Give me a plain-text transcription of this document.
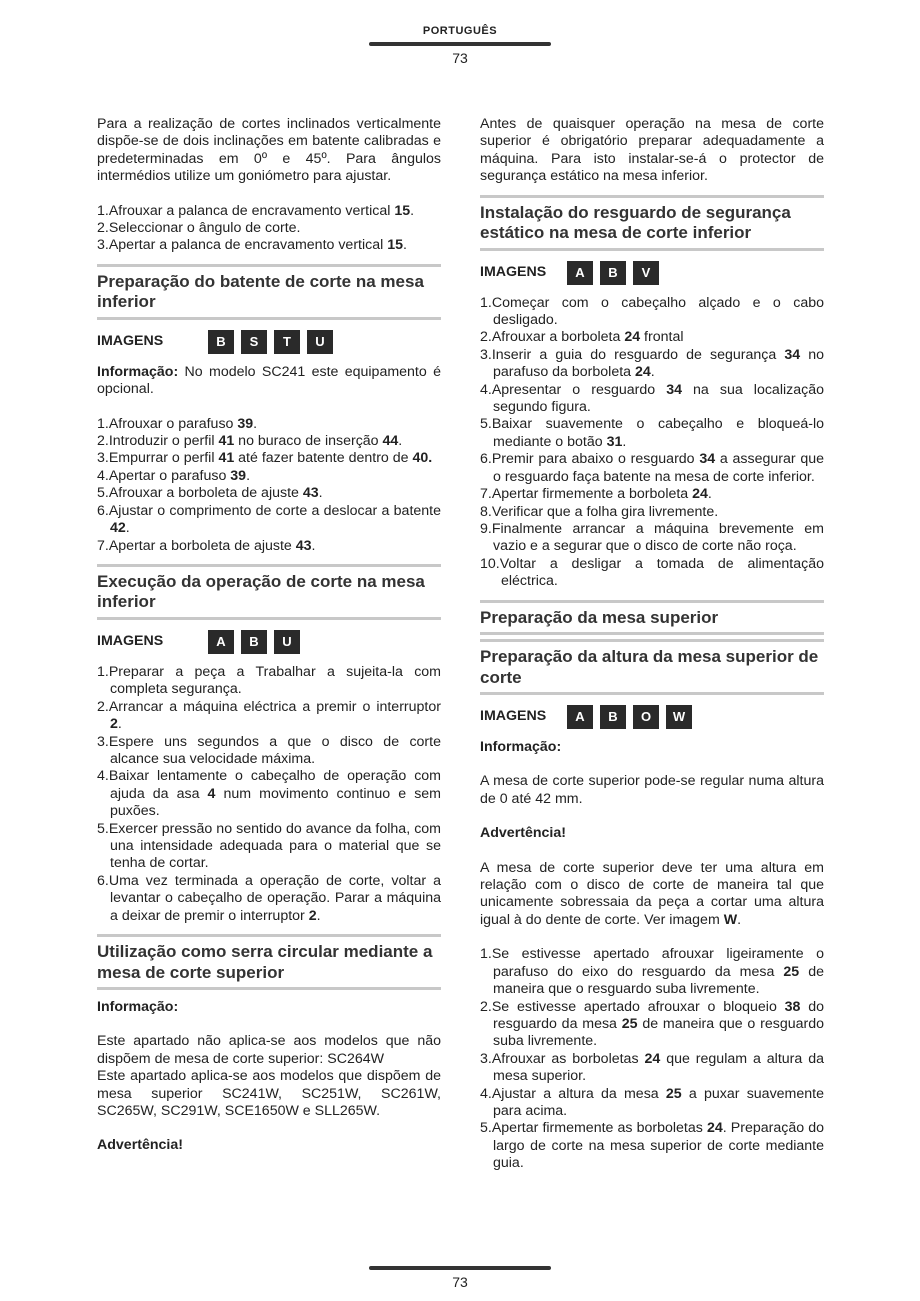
PORTUGUÊS
73

Para a realização de cortes inclinados verticalmente dispõe-se de dois inclinações em batente calibradas e predeterminadas em 0º e 45º. Para ângulos intermédios utilize um goniómetro para ajustar.

1.Afrouxar a palanca de encravamento vertical 15.
2.Seleccionar o ângulo de corte.
3.Apertar a palanca de encravamento vertical 15.
Preparação do batente de corte na mesa inferior
IMAGENS	B S T U

Informação: No modelo SC241 este equipamento é opcional.

1.Afrouxar o parafuso 39.
2.Introduzir o perfil 41 no buraco de inserção 44.
3.Empurrar o perfil 41 até fazer batente dentro de 40.
4.Apertar o parafuso 39.
5.Afrouxar a borboleta de ajuste 43.
6.Ajustar o comprimento de corte a deslocar a batente 42.
7.Apertar a borboleta de ajuste 43.
Execução da operação de corte na mesa inferior
IMAGENS	A B U
1.Preparar a peça a Trabalhar a sujeita-la com completa segurança.
2.Arrancar a máquina eléctrica a premir o interruptor 2.
3.Espere uns segundos a que o disco de corte alcance sua velocidade máxima.
4.Baixar lentamente o cabeçalho de operação com ajuda da asa 4 num movimento continuo e sem puxões.
5.Exercer pressão no sentido do avance da folha, com una intensidade adequada para o material que se tenha de cortar.
6.Uma vez terminada a operação de corte, voltar a levantar o cabeçalho de operação. Parar a máquina a deixar de premir o interruptor 2.
Utilização como serra circular mediante a mesa de corte superior

Informação:

Este apartado não aplica-se aos modelos que não dispõem de mesa de corte superior: SC264W

Este apartado aplica-se aos modelos que dispõem de mesa superior SC241W, SC251W, SC261W, SC265W, SC291W, SCE1650W e SLL265W.

Advertência!

Antes de quaisquer operação na mesa de corte superior é obrigatório preparar adequadamente a máquina. Para isto instalar-se-á o protector de segurança estático na mesa inferior.

Instalação do resguardo de segurança estático na mesa de corte inferior
IMAGENS	A B V
1.Começar com o cabeçalho alçado e o cabo desligado.
2.Afrouxar a borboleta 24 frontal
3.Inserir a guia do resguardo de segurança 34 no parafuso da borboleta 24.
4.Apresentar o resguardo 34 na sua localização segundo figura.
5.Baixar suavemente o cabeçalho e bloqueá-lo mediante o botão 31.
6.Premir para abaixo o resguardo 34 a assegurar que o resguardo faça batente na mesa de corte inferior.
7.Apertar firmemente a borboleta 24.
8.Verificar que a folha gira livremente.
9.Finalmente arrancar a máquina brevemente em vazio e a segurar que o disco de corte não roça.
10.Voltar a desligar a tomada de alimentação eléctrica.
Preparação da mesa superior
Preparação da altura da mesa superior de corte
IMAGENS	A B O W

Informação:

A mesa de corte superior pode-se regular numa altura de 0 até 42 mm.

Advertência!

A mesa de corte superior deve ter uma altura em relação com o disco de corte de maneira tal que unicamente sobressaia da peça a cortar uma altura igual à do dente de corte. Ver imagem W.

1.Se estivesse apertado afrouxar ligeiramente o parafuso do eixo do resguardo da mesa 25 de maneira que o resguardo suba livremente.
2.Se estivesse apertado afrouxar o bloqueio 38 do resguardo da mesa 25 de maneira que o resguardo suba livremente.
3.Afrouxar as borboletas 24 que regulam a altura da mesa superior.
4.Ajustar a altura da mesa 25 a puxar suavemente para acima.
5.Apertar firmemente as borboletas 24. Preparação do largo de corte na mesa superior de corte mediante guia.
73
